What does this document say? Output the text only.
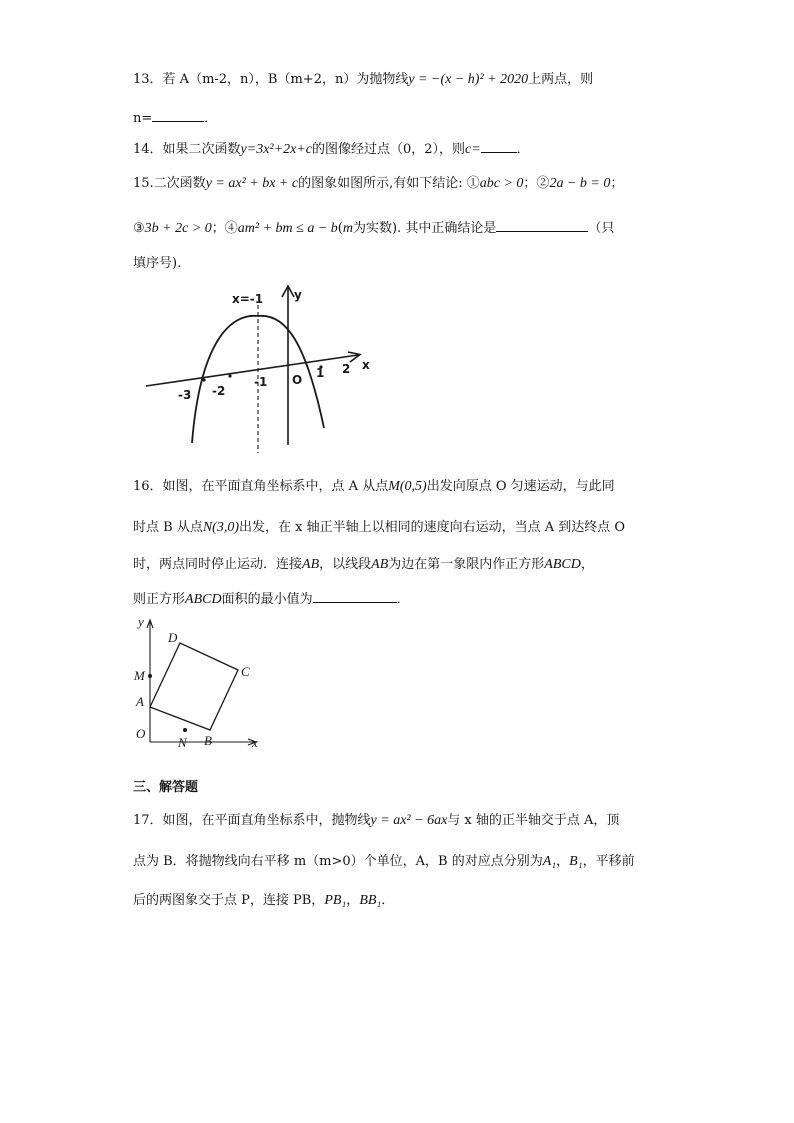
13．若 A（m-2，n），B（m+2，n）为抛物线y = −(x − h)² + 2020上两点，则
n=	．
14．如果二次函数y=3x²+2x+c的图像经过点（0，2），则c=	．
15.二次函数y = ax² + bx + c的图象如图所示,有如下结论: ①abc > 0；②2a − b = 0；
③3b + 2c > 0；④am² + bm ≤ a − b(m为实数). 其中正确结论是	（只
填序号).
x=-1	y
x
O
-3 -2
-1
1 2
16．如图，在平面直角坐标系中，点 A 从点M(0,5)出发向原点 O 匀速运动，与此同
时点 B 从点N(3,0)出发，在 x 轴正半轴上以相同的速度向右运动，当点 A 到达终点 O
时，两点同时停止运动．连接AB，以线段AB为边在第一象限内作正方形ABCD，
则正方形ABCD面积的最小值为	．
y
x
O
M
A
D
C
N B
三、解答题
17．如图，在平面直角坐标系中，抛物线y = ax² − 6ax与 x 轴的正半轴交于点 A，顶
点为 B．将抛物线向右平移 m（m>0）个单位，A，B 的对应点分别为A₁，B₁，平移前
后的两图象交于点 P，连接 PB，PB₁，BB₁．
